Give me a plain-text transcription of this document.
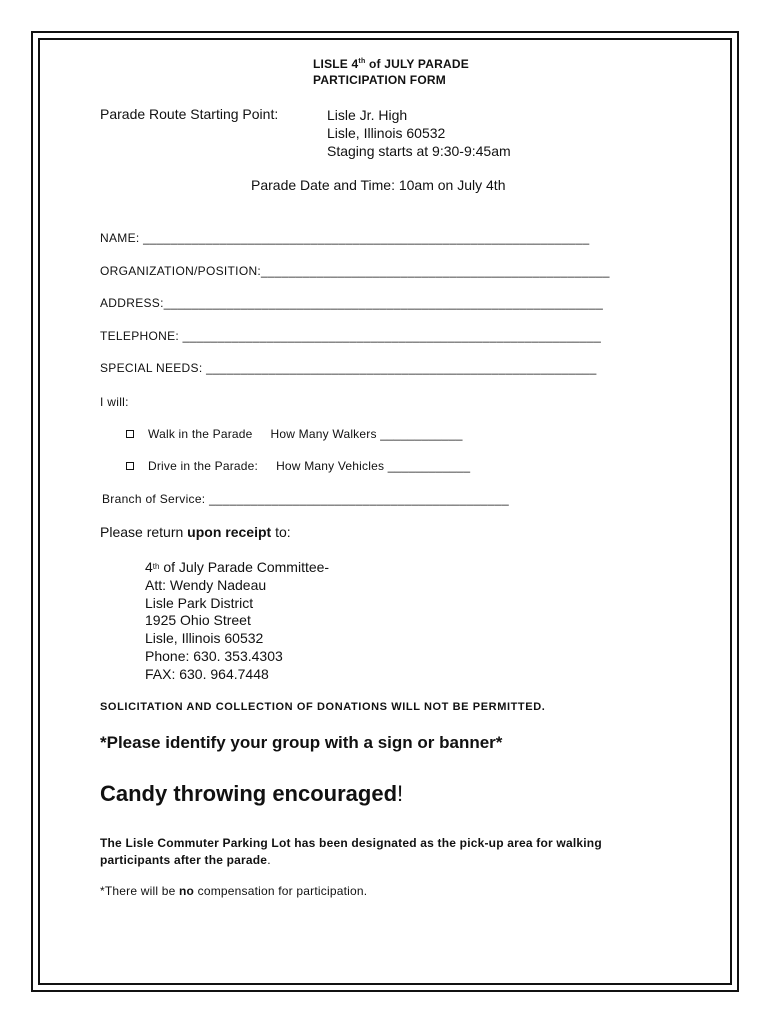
LISLE 4th of JULY PARADE
PARTICIPATION FORM
Parade Route Starting Point:	Lisle Jr. High
Lisle, Illinois 60532
Staging starts at 9:30-9:45am
Parade Date and Time: 10am on July 4th
NAME: ________________________________________________________________
ORGANIZATION/POSITION:__________________________________________________
ADDRESS:_______________________________________________________________
TELEPHONE: ____________________________________________________________
SPECIAL NEEDS: ________________________________________________________
I will:
Walk in the Parade How Many Walkers ____________
Drive in the Parade: How Many Vehicles ____________
Branch of Service: ___________________________________________
Please return upon receipt to:
4th of July Parade Committee-
Att: Wendy Nadeau
Lisle Park District
1925 Ohio Street
Lisle, Illinois 60532
Phone: 630. 353.4303
FAX: 630. 964.7448
SOLICITATION AND COLLECTION OF DONATIONS WILL NOT BE PERMITTED.
*Please identify your group with a sign or banner*
Candy throwing encouraged!
The Lisle Commuter Parking Lot has been designated as the pick-up area for walking
participants after the parade.
*There will be no compensation for participation.
